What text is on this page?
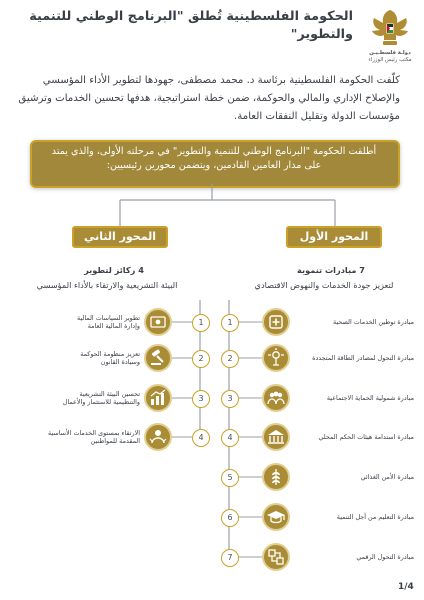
الحكومة الفلسطينية تُطلق "البرنامج الوطني للتنمية والتطوير"
دولـة فلسطـيـن
مكتب رئيس الوزراء
كلّفت الحكومة الفلسطينية برئاسة د. محمد مصطفى، جهودها لتطوير الأداء المؤسسي والإصلاح الإداري والمالي والحوكمة، ضمن خطة استراتيجية، هدفها تحسين الخدمات وترشيق مؤسسات الدولة وتقليل النفقات العامة.
أطلقت الحكومة "البرنامج الوطني للتنمية والتطوير" في مرحلته الأولى، والذي يمتد على مدار العامين القادمين، ويتضمن محورين رئيسيين:
المحور الأول
7 مبادرات تنموية
لتعزيز جودة الخدمات والنهوض الاقتصادي
المحور الثاني
4 ركائز لتطوير
البيئة التشريعية والارتقاء بالأداء المؤسسي
1	مبادرة توطين الخدمات الصحية
2	مبادرة التحول لمصادر الطاقة المتجددة
3	مبادرة شمولية الحماية الاجتماعية
4	مبادرة استدامة هيئات الحكم المحلي
5	مبادرة الأمن الغذائي
6	مبادرة التعليم من أجل التنمية
7	مبادرة التحول الرقمي
1
تطوير السياسات المالية
وإدارة المالية العامة
2
تعزيز منظومة الحوكمة
وسيادة القانون
3
تحسين البيئة التشريعية
والتنظيمية للاستثمار والأعمال
4
الارتقاء بمستوى الخدمات الأساسية
المقدمة للمواطنين
1/4
